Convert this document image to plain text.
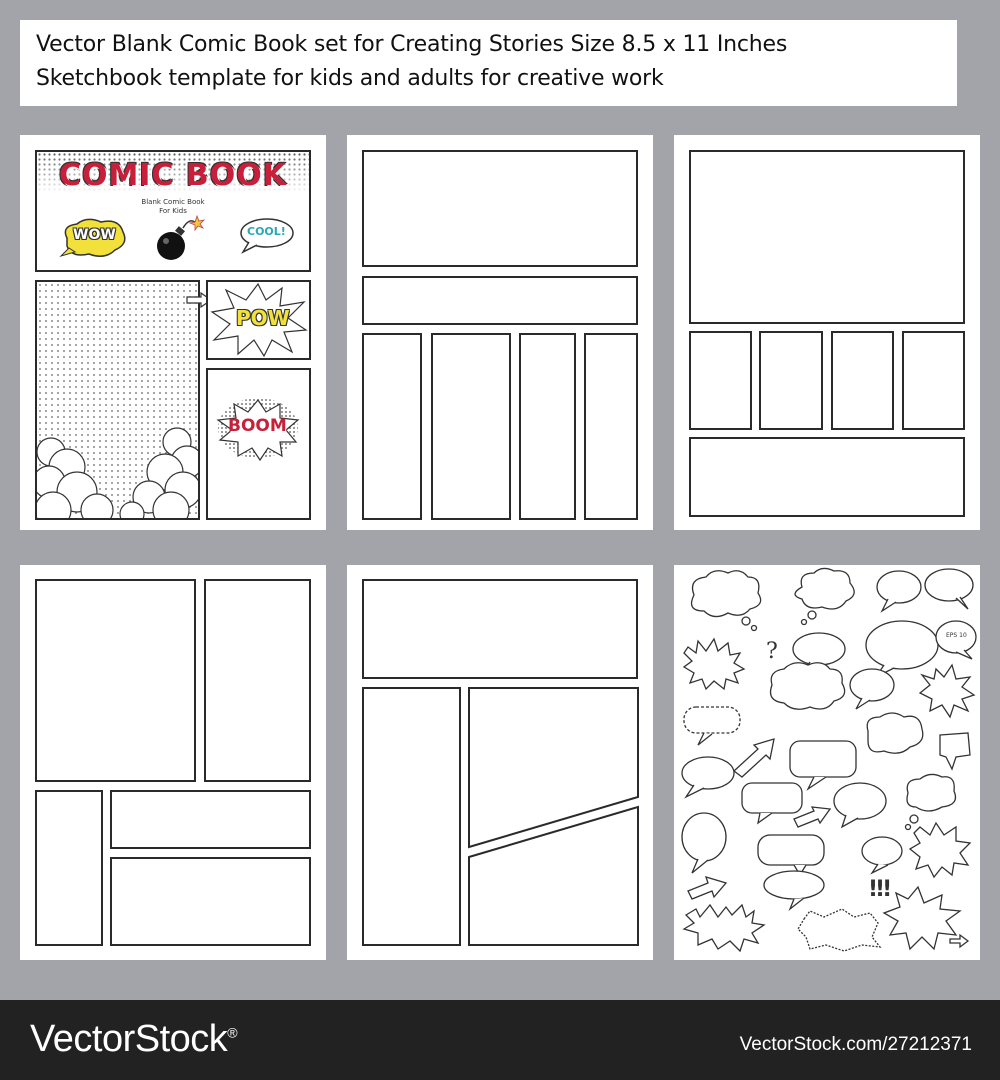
Vector Blank Comic Book set for Creating Stories Size 8.5 x 11 Inches
Sketchbook template for kids and adults for creative work
COMIC BOOK
Blank Comic Book
For Kids
WOW	COOL!
POW
BOOM
?
EPS 10
!!!
VectorStock®
VectorStock.com/27212371
